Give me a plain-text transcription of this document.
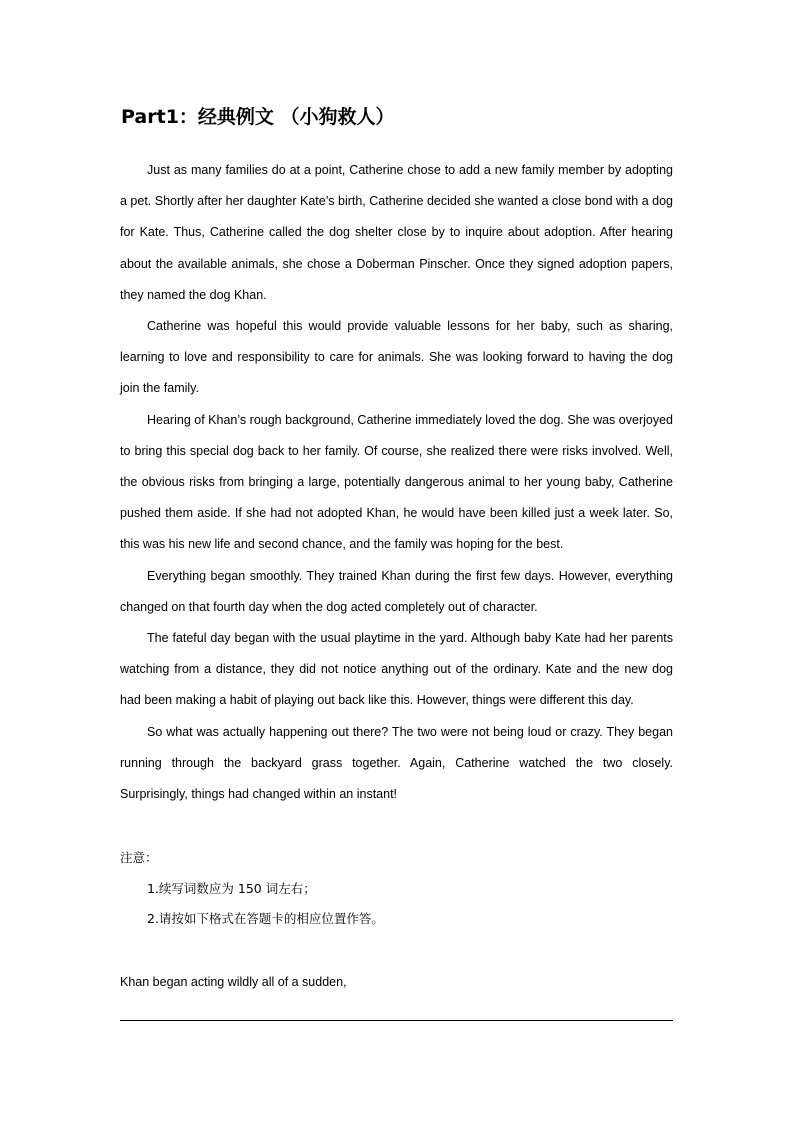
Part1：经典例文 （小狗救人）

Just as many families do at a point, Catherine chose to add a new family member by adopting a pet. Shortly after her daughter Kate’s birth, Catherine decided she wanted a close bond with a dog for Kate. Thus, Catherine called the dog shelter close by to inquire about adoption. After hearing about the available animals, she chose a Doberman Pinscher. Once they signed adoption papers, they named the dog Khan.

Catherine was hopeful this would provide valuable lessons for her baby, such as sharing, learning to love and responsibility to care for animals. She was looking forward to having the dog join the family.

Hearing of Khan’s rough background, Catherine immediately loved the dog. She was overjoyed to bring this special dog back to her family. Of course, she realized there were risks involved. Well, the obvious risks from bringing a large, potentially dangerous animal to her young baby, Catherine pushed them aside. If she had not adopted Khan, he would have been killed just a week later. So, this was his new life and second chance, and the family was hoping for the best.

Everything began smoothly. They trained Khan during the first few days. However, everything changed on that fourth day when the dog acted completely out of character.

The fateful day began with the usual playtime in the yard. Although baby Kate had her parents watching from a distance, they did not notice anything out of the ordinary. Kate and the new dog had been making a habit of playing out back like this. However, things were different this day.

So what was actually happening out there? The two were not being loud or crazy. They began running through the backyard grass together. Again, Catherine watched the two closely. Surprisingly, things had changed within an instant!

注意：
1.续写词数应为 150 词左右；
2.请按如下格式在答题卡的相应位置作答。
Khan began acting wildly all of a sudden,
